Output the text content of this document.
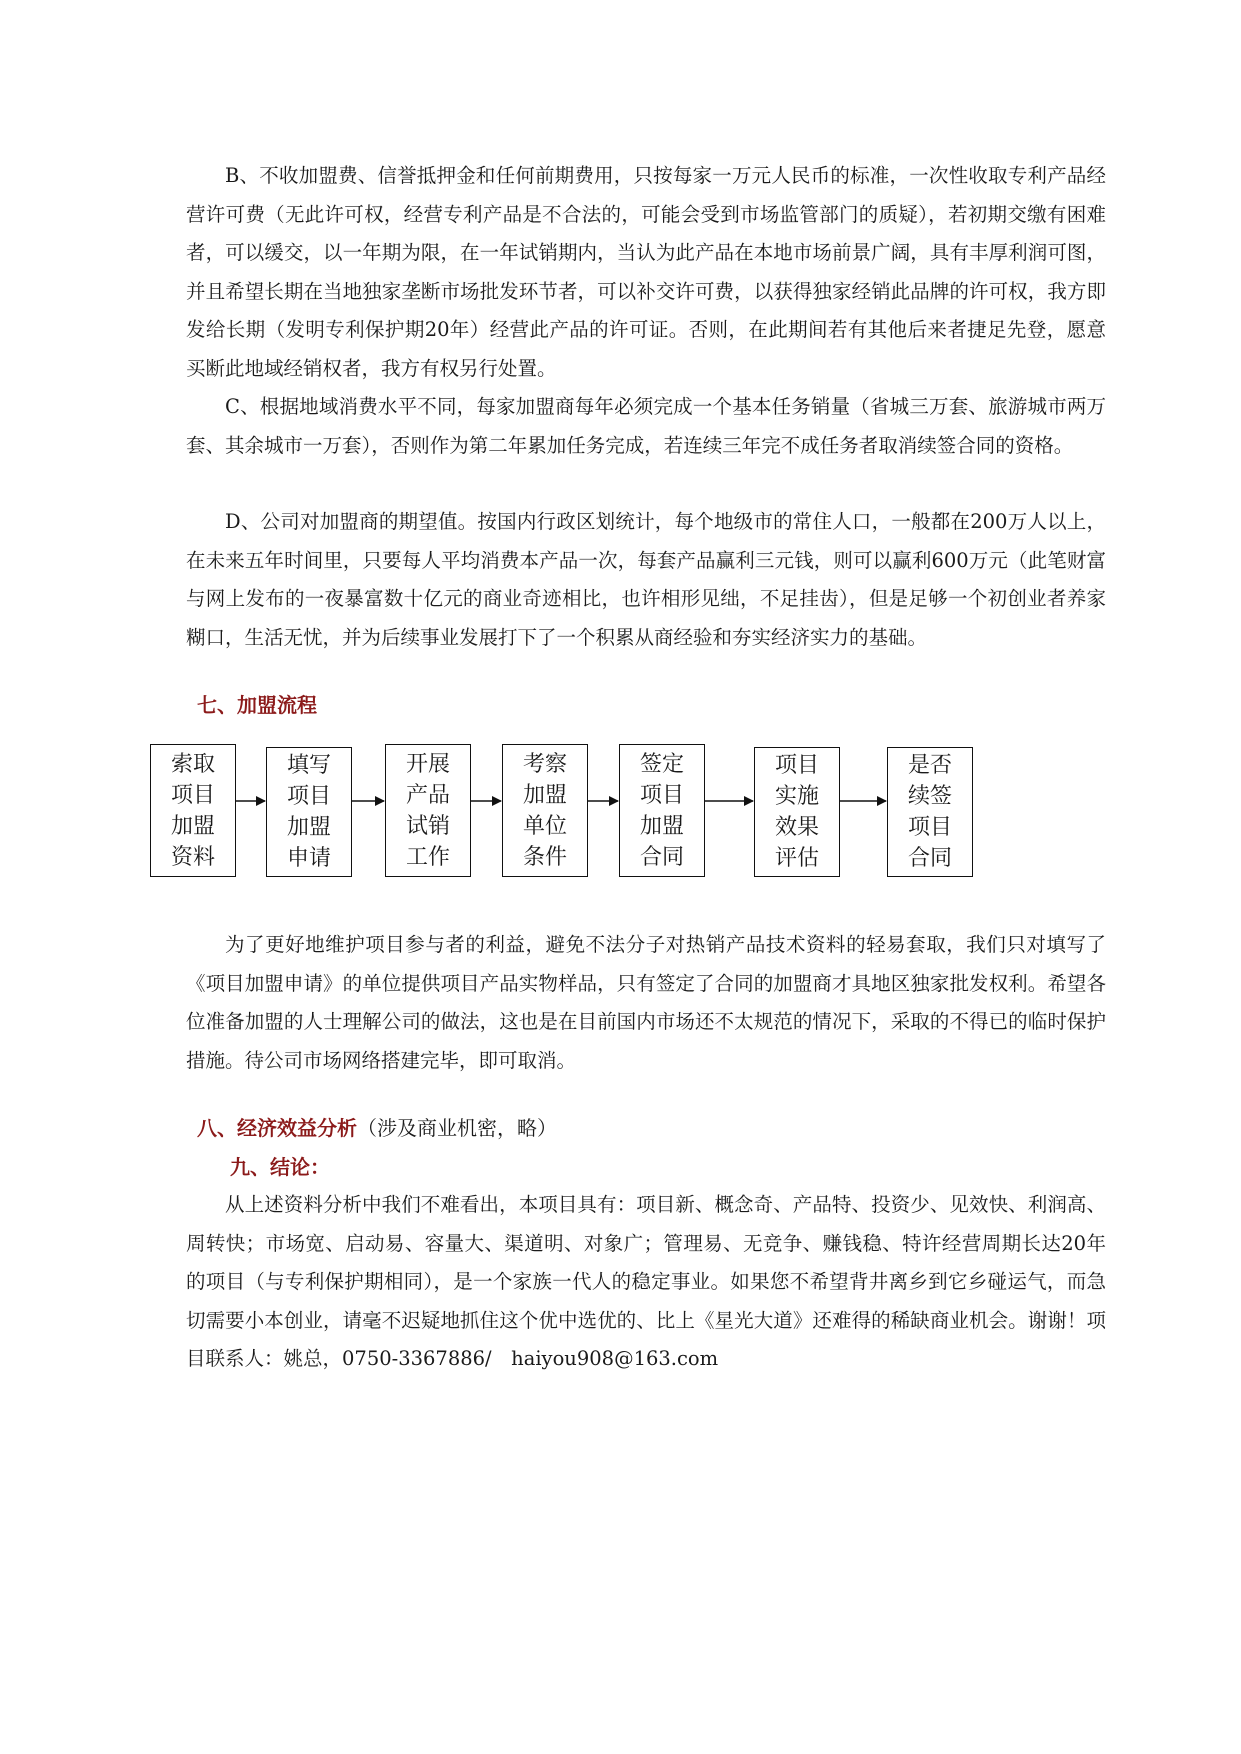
B、不收加盟费、信誉抵押金和任何前期费用，只按每家一万元人民币的标准，一次性收取专利产品经营许可费（无此许可权，经营专利产品是不合法的，可能会受到市场监管部门的质疑），若初期交缴有困难者，可以缓交，以一年期为限，在一年试销期内，当认为此产品在本地市场前景广阔，具有丰厚利润可图，并且希望长期在当地独家垄断市场批发环节者，可以补交许可费，以获得独家经销此品牌的许可权，我方即发给长期（发明专利保护期20年）经营此产品的许可证。否则，在此期间若有其他后来者捷足先登，愿意买断此地域经销权者，我方有权另行处置。

C、根据地域消费水平不同，每家加盟商每年必须完成一个基本任务销量（省城三万套、旅游城市两万套、其余城市一万套），否则作为第二年累加任务完成，若连续三年完不成任务者取消续签合同的资格。

D、公司对加盟商的期望值。按国内行政区划统计，每个地级市的常住人口，一般都在200万人以上，在未来五年时间里，只要每人平均消费本产品一次，每套产品赢利三元钱，则可以赢利600万元（此笔财富与网上发布的一夜暴富数十亿元的商业奇迹相比，也许相形见绌，不足挂齿），但是足够一个初创业者养家糊口，生活无忧，并为后续事业发展打下了一个积累从商经验和夯实经济实力的基础。

七、加盟流程

索取项目加盟资料
填写项目加盟申请
开展产品试销工作
考察加盟单位条件
签定项目加盟合同
项目实施效果评估
是否续签项目合同

为了更好地维护项目参与者的利益，避免不法分子对热销产品技术资料的轻易套取，我们只对填写了《项目加盟申请》的单位提供项目产品实物样品，只有签定了合同的加盟商才具地区独家批发权利。希望各位准备加盟的人士理解公司的做法，这也是在目前国内市场还不太规范的情况下，采取的不得已的临时保护措施。待公司市场网络搭建完毕，即可取消。

八、经济效益分析（涉及商业机密，略）

九、结论：

从上述资料分析中我们不难看出，本项目具有：项目新、概念奇、产品特、投资少、见效快、利润高、周转快；市场宽、启动易、容量大、渠道明、对象广；管理易、无竞争、赚钱稳、特许经营周期长达20年的项目（与专利保护期相同），是一个家族一代人的稳定事业。如果您不希望背井离乡到它乡碰运气，而急切需要小本创业，请毫不迟疑地抓住这个优中选优的、比上《星光大道》还难得的稀缺商业机会。谢谢！项目联系人：姚总，0750-3367886/　haiyou908@163.com
